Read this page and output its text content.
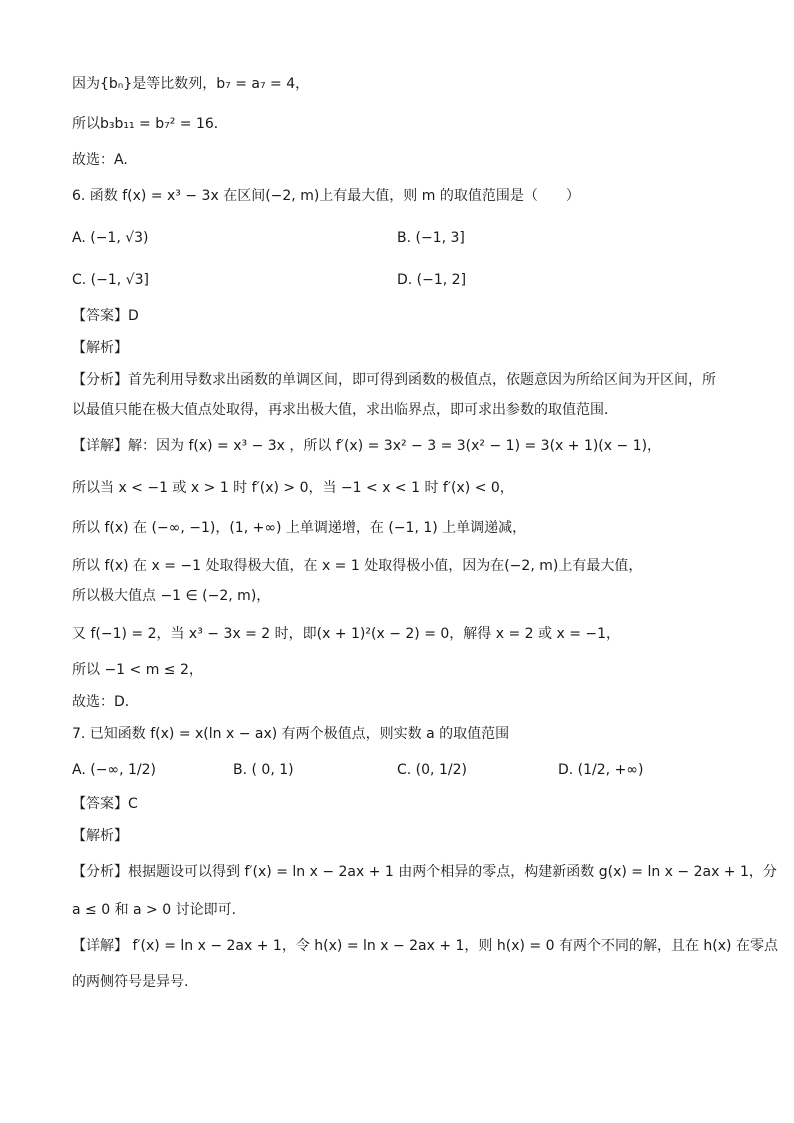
因为{bₙ}是等比数列，b₇ = a₇ = 4，
所以b₃b₁₁ = b₇² = 16．
故选：A.
6. 函数 f(x) = x³ − 3x 在区间(−2, m)上有最大值，则 m 的取值范围是（　　）
A. (−1, √3)	B. (−1, 3]
C. (−1, √3]	D. (−1, 2]
【答案】D
【解析】
【分析】首先利用导数求出函数的单调区间，即可得到函数的极值点，依题意因为所给区间为开区间，所
以最值只能在极大值点处取得，再求出极大值，求出临界点，即可求出参数的取值范围．
【详解】解：因为 f(x) = x³ − 3x ，所以 f′(x) = 3x² − 3 = 3(x² − 1) = 3(x + 1)(x − 1)，
所以当 x < −1 或 x > 1 时 f′(x) > 0，当 −1 < x < 1 时 f′(x) < 0，
所以 f(x) 在 (−∞, −1)，(1, +∞) 上单调递增，在 (−1, 1) 上单调递减，
所以 f(x) 在 x = −1 处取得极大值，在 x = 1 处取得极小值，因为在(−2, m)上有最大值，
所以极大值点 −1 ∈ (−2, m)，
又 f(−1) = 2，当 x³ − 3x = 2 时，即(x + 1)²(x − 2) = 0，解得 x = 2 或 x = −1，
所以 −1 < m ≤ 2，
故选：D．
7. 已知函数 f(x) = x(ln x − ax) 有两个极值点，则实数 a 的取值范围
A. (−∞, 1/2)	B. ( 0, 1)	C. (0, 1/2)	D. (1/2, +∞)
【答案】C
【解析】
【分析】根据题设可以得到 f′(x) = ln x − 2ax + 1 由两个相异的零点，构建新函数 g(x) = ln x − 2ax + 1，分
a ≤ 0 和 a > 0 讨论即可.
【详解】 f′(x) = ln x − 2ax + 1，令 h(x) = ln x − 2ax + 1，则 h(x) = 0 有两个不同的解，且在 h(x) 在零点
的两侧符号是异号.
